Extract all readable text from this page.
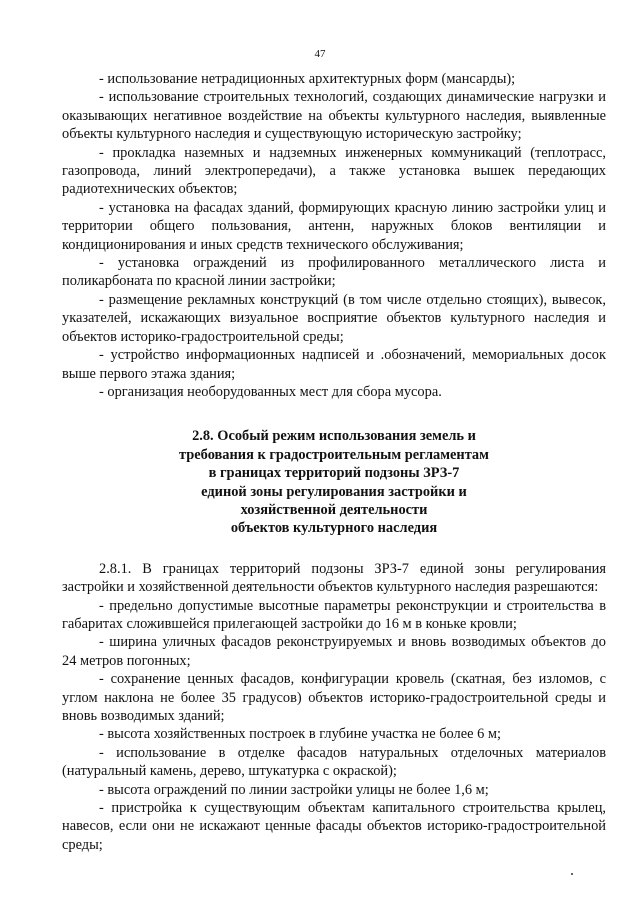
47

- использование нетрадиционных архитектурных форм (мансарды);

- использование строительных технологий, создающих динамические нагрузки и оказывающих негативное воздействие на объекты культурного наследия, выявленные объекты культурного наследия и существующую историческую застройку;

- прокладка наземных и надземных инженерных коммуникаций (теплотрасс, газопровода, линий электропередачи), а также установка вышек передающих радиотехнических объектов;

- установка на фасадах зданий, формирующих красную линию застройки улиц и территории общего пользования, антенн, наружных блоков вентиляции и кондиционирования и иных средств технического обслуживания;

- установка ограждений из профилированного металлического листа и поликарбоната по красной линии застройки;

- размещение рекламных конструкций (в том числе отдельно стоящих), вывесок, указателей, искажающих визуальное восприятие объектов культурного наследия и объектов историко-градостроительной среды;

- устройство информационных надписей и .обозначений, мемориальных досок выше первого этажа здания;

- организация необорудованных мест для сбора мусора.

2.8. Особый режим использования земель и
требования к градостроительным регламентам
в границах территорий подзоны ЗРЗ-7
единой зоны регулирования застройки и
хозяйственной деятельности
объектов культурного наследия

2.8.1. В границах территорий подзоны ЗРЗ-7 единой зоны регулирования застройки и хозяйственной деятельности объектов культурного наследия разрешаются:

- предельно допустимые высотные параметры реконструкции и строительства в габаритах сложившейся прилегающей застройки до 16 м в коньке кровли;

- ширина уличных фасадов реконструируемых и вновь возводимых объектов до 24 метров погонных;

- сохранение ценных фасадов, конфигурации кровель (скатная, без изломов, с углом наклона не более 35 градусов) объектов историко-градостроительной среды и вновь возводимых зданий;

- высота хозяйственных построек в глубине участка не более 6 м;

- использование в отделке фасадов натуральных отделочных материалов (натуральный камень, дерево, штукатурка с окраской);

- высота ограждений по линии застройки улицы не более 1,6 м;

- пристройка к существующим объектам капитального строительства крылец, навесов, если они не искажают ценные фасады объектов историко-градостроительной среды;
